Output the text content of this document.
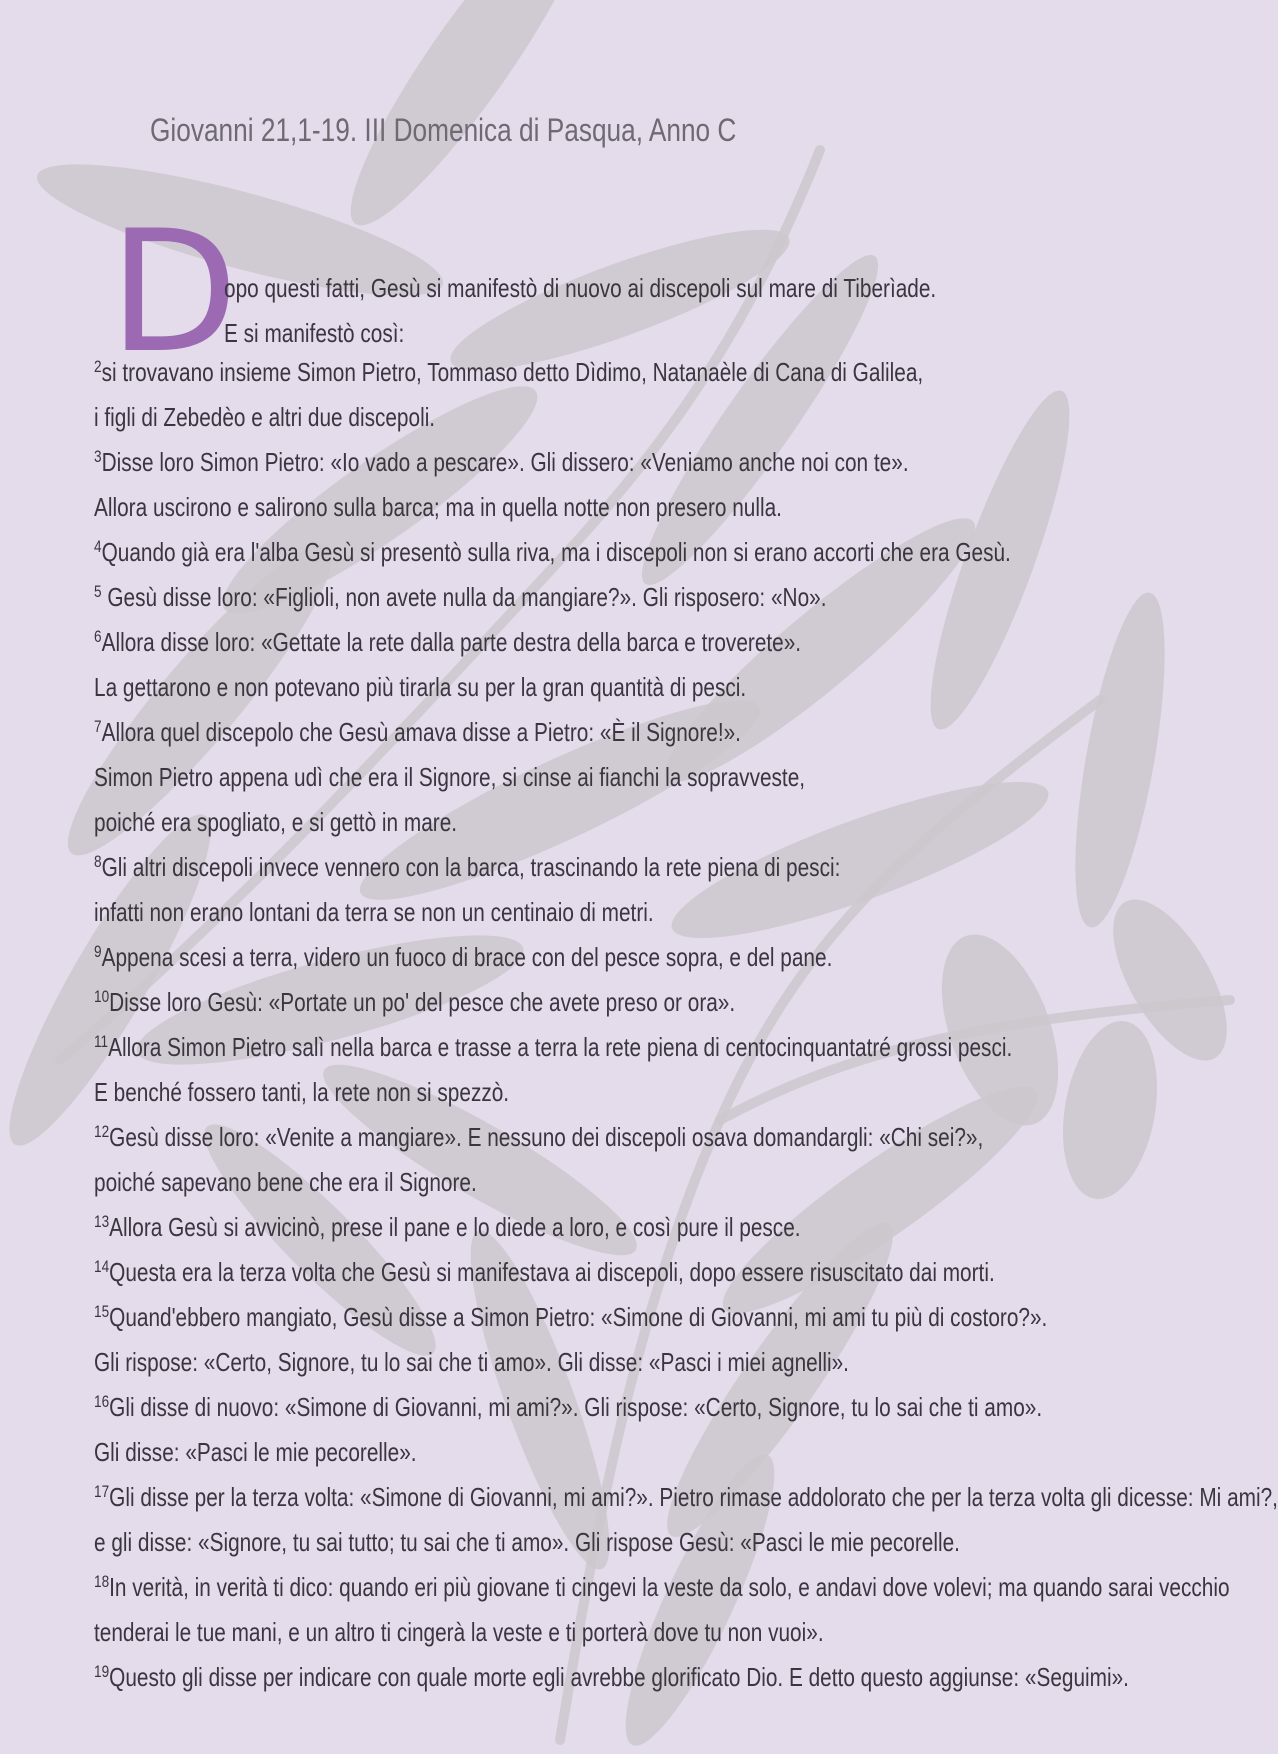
Giovanni 21,1-19. III Domenica di Pasqua, Anno C
D
opo questi fatti, Gesù si manifestò di nuovo ai discepoli sul mare di Tiberìade.
E si manifestò così:
$^2$si trovavano insieme Simon Pietro, Tommaso detto Dìdimo, Natanaèle di Cana di Galilea,
i figli di Zebedèo e altri due discepoli.
$^3$Disse loro Simon Pietro: «Io vado a pescare». Gli dissero: «Veniamo anche noi con te».
Allora uscirono e salirono sulla barca; ma in quella notte non presero nulla.
$^4$Quando già era l'alba Gesù si presentò sulla riva, ma i discepoli non si erano accorti che era Gesù.
$^5$ Gesù disse loro: «Figlioli, non avete nulla da mangiare?». Gli risposero: «No».
$^6$Allora disse loro: «Gettate la rete dalla parte destra della barca e troverete».
La gettarono e non potevano più tirarla su per la gran quantità di pesci.
$^7$Allora quel discepolo che Gesù amava disse a Pietro: «È il Signore!».
Simon Pietro appena udì che era il Signore, si cinse ai fianchi la sopravveste,
poiché era spogliato, e si gettò in mare.
$^8$Gli altri discepoli invece vennero con la barca, trascinando la rete piena di pesci:
infatti non erano lontani da terra se non un centinaio di metri.
$^9$Appena scesi a terra, videro un fuoco di brace con del pesce sopra, e del pane.
$^{10}$Disse loro Gesù: «Portate un po' del pesce che avete preso or ora».
$^{11}$Allora Simon Pietro salì nella barca e trasse a terra la rete piena di centocinquantatré grossi pesci.
E benché fossero tanti, la rete non si spezzò.
$^{12}$Gesù disse loro: «Venite a mangiare». E nessuno dei discepoli osava domandargli: «Chi sei?»,
poiché sapevano bene che era il Signore.
$^{13}$Allora Gesù si avvicinò, prese il pane e lo diede a loro, e così pure il pesce.
$^{14}$Questa era la terza volta che Gesù si manifestava ai discepoli, dopo essere risuscitato dai morti.
$^{15}$Quand'ebbero mangiato, Gesù disse a Simon Pietro: «Simone di Giovanni, mi ami tu più di costoro?».
Gli rispose: «Certo, Signore, tu lo sai che ti amo». Gli disse: «Pasci i miei agnelli».
$^{16}$Gli disse di nuovo: «Simone di Giovanni, mi ami?». Gli rispose: «Certo, Signore, tu lo sai che ti amo».
Gli disse: «Pasci le mie pecorelle».
$^{17}$Gli disse per la terza volta: «Simone di Giovanni, mi ami?». Pietro rimase addolorato che per la terza volta gli dicesse: Mi ami?,
e gli disse: «Signore, tu sai tutto; tu sai che ti amo». Gli rispose Gesù: «Pasci le mie pecorelle.
$^{18}$In verità, in verità ti dico: quando eri più giovane ti cingevi la veste da solo, e andavi dove volevi; ma quando sarai vecchio
tenderai le tue mani, e un altro ti cingerà la veste e ti porterà dove tu non vuoi».
$^{19}$Questo gli disse per indicare con quale morte egli avrebbe glorificato Dio. E detto questo aggiunse: «Seguimi».
